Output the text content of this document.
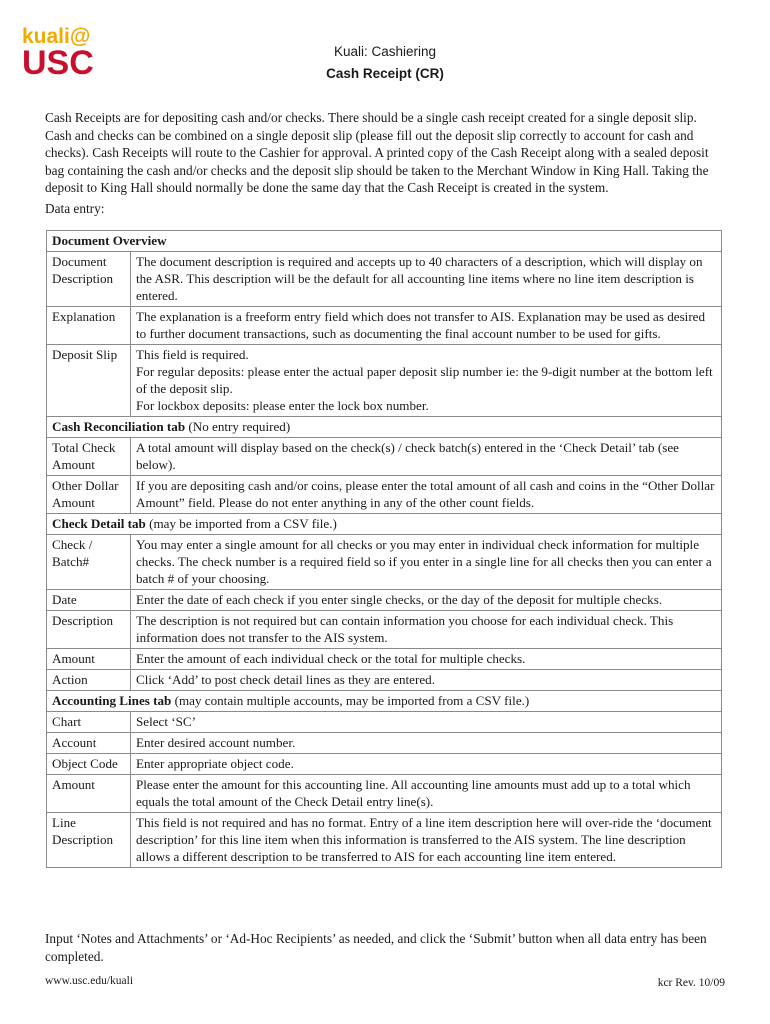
kuali@
USC	Kuali: Cashiering
Cash Receipt (CR)

Cash Receipts are for depositing cash and/or checks. There should be a single cash receipt created for a single deposit slip. Cash and checks can be combined on a single deposit slip (please fill out the deposit slip correctly to account for cash and checks). Cash Receipts will route to the Cashier for approval. A printed copy of the Cash Receipt along with a sealed deposit bag containing the cash and/or checks and the deposit slip should be taken to the Merchant Window in King Hall. Taking the deposit to King Hall should normally be done the same day that the Cash Receipt is created in the system.

Data entry:

Document Overview	
Document Description	The document description is required and accepts up to 40 characters of a description, which will display on the ASR. This description will be the default for all accounting line items where no line item description is entered.

Explanation	The explanation is a freeform entry field which does not transfer to AIS. Explanation may be used as desired to further document transactions, such as documenting the final account number to be used for gifts.

Deposit Slip	This field is required.
For regular deposits: please enter the actual paper deposit slip number ie: the 9-digit number at the bottom left of the deposit slip.
For lockbox deposits: please enter the lock box number.

Cash Reconciliation tab (No entry required)	
Total Check Amount	A total amount will display based on the check(s) / check batch(s) entered in the ‘Check Detail’ tab (see below).

Other Dollar Amount	If you are depositing cash and/or coins, please enter the total amount of all cash and coins in the “Other Dollar Amount” field. Please do not enter anything in any of the other count fields.

Check Detail tab (may be imported from a CSV file.)	
Check / Batch#	You may enter a single amount for all checks or you may enter in individual check information for multiple checks. The check number is a required field so if you enter in a single line for all checks then you can enter a batch # of your choosing.

Date	Enter the date of each check if you enter single checks, or the day of the deposit for multiple checks.

Description	The description is not required but can contain information you choose for each individual check. This information does not transfer to the AIS system.

Amount	Enter the amount of each individual check or the total for multiple checks.

Action	Click ‘Add’ to post check detail lines as they are entered.

Accounting Lines tab (may contain multiple accounts, may be imported from a CSV file.)	
Chart	Select ‘SC’

Account	Enter desired account number.

Object Code	Enter appropriate object code.

Amount	Please enter the amount for this accounting line. All accounting line amounts must add up to a total which equals the total amount of the Check Detail entry line(s).

Line Description	This field is not required and has no format. Entry of a line item description here will over-ride the ‘document description’ for this line item when this information is transferred to the AIS system. The line description allows a different description to be transferred to AIS for each accounting line item entered.

Input ‘Notes and Attachments’ or ‘Ad-Hoc Recipients’ as needed, and click the ‘Submit’ button when all data entry has been completed.

www.usc.edu/kuali	kcr Rev. 10/09
